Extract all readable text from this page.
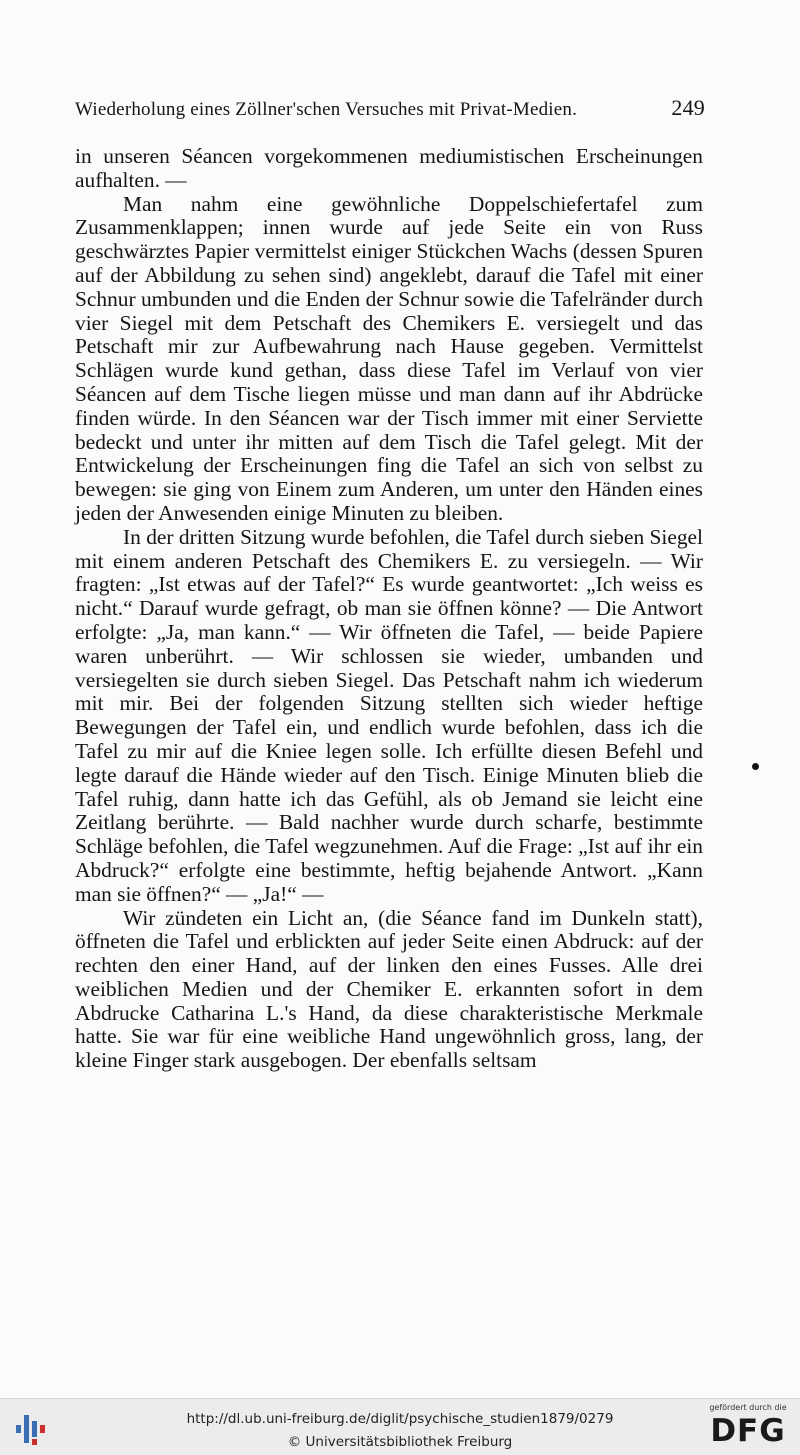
Wiederholung eines Zöllner'schen Versuches mit Privat-Medien.	249

in unseren Séancen vorgekommenen mediumistischen Erscheinungen aufhalten. —

Man nahm eine gewöhnliche Doppelschiefertafel zum Zusammenklappen; innen wurde auf jede Seite ein von Russ geschwärztes Papier vermittelst einiger Stückchen Wachs (dessen Spuren auf der Abbildung zu sehen sind) angeklebt, darauf die Tafel mit einer Schnur umbunden und die Enden der Schnur sowie die Tafelränder durch vier Siegel mit dem Petschaft des Chemikers E. versiegelt und das Petschaft mir zur Aufbewahrung nach Hause gegeben. Vermittelst Schlägen wurde kund gethan, dass diese Tafel im Verlauf von vier Séancen auf dem Tische liegen müsse und man dann auf ihr Abdrücke finden würde. In den Séancen war der Tisch immer mit einer Serviette bedeckt und unter ihr mitten auf dem Tisch die Tafel gelegt. Mit der Entwickelung der Erscheinungen fing die Tafel an sich von selbst zu bewegen: sie ging von Einem zum Anderen, um unter den Händen eines jeden der Anwesenden einige Minuten zu bleiben.

In der dritten Sitzung wurde befohlen, die Tafel durch sieben Siegel mit einem anderen Petschaft des Chemikers E. zu versiegeln. — Wir fragten: „Ist etwas auf der Tafel?“ Es wurde geantwortet: „Ich weiss es nicht.“ Darauf wurde gefragt, ob man sie öffnen könne? — Die Antwort erfolgte: „Ja, man kann.“ — Wir öffneten die Tafel, — beide Papiere waren unberührt. — Wir schlossen sie wieder, umbanden und versiegelten sie durch sieben Siegel. Das Petschaft nahm ich wiederum mit mir. Bei der folgenden Sitzung stellten sich wieder heftige Bewegungen der Tafel ein, und endlich wurde befohlen, dass ich die Tafel zu mir auf die Kniee legen solle. Ich erfüllte diesen Befehl und legte darauf die Hände wieder auf den Tisch. Einige Minuten blieb die Tafel ruhig, dann hatte ich das Gefühl, als ob Jemand sie leicht eine Zeitlang berührte. — Bald nachher wurde durch scharfe, bestimmte Schläge befohlen, die Tafel wegzunehmen. Auf die Frage: „Ist auf ihr ein Abdruck?“ erfolgte eine bestimmte, heftig bejahende Antwort. „Kann man sie öffnen?“ — „Ja!“ —

Wir zündeten ein Licht an, (die Séance fand im Dunkeln statt), öffneten die Tafel und erblickten auf jeder Seite einen Abdruck: auf der rechten den einer Hand, auf der linken den eines Fusses. Alle drei weiblichen Medien und der Chemiker E. erkannten sofort in dem Abdrucke Catharina L.'s Hand, da diese charakteristische Merkmale hatte. Sie war für eine weibliche Hand ungewöhnlich gross, lang, der kleine Finger stark ausgebogen. Der ebenfalls seltsam

http://dl.ub.uni-freiburg.de/diglit/psychische_studien1879/0279
© Universitätsbibliothek Freiburg
gefördert durch die
DFG
